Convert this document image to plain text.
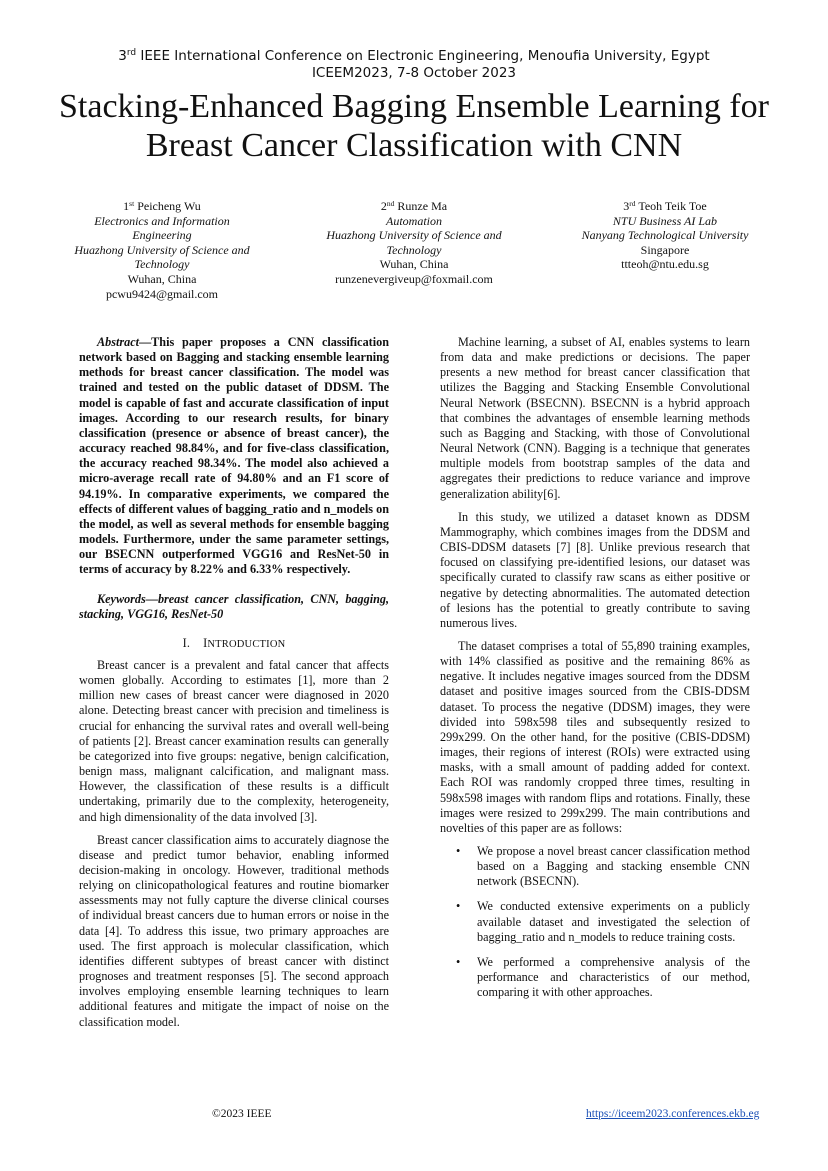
3rd IEEE International Conference on Electronic Engineering, Menoufia University, Egypt
ICEEM2023, 7-8 October 2023
Stacking-Enhanced Bagging Ensemble Learning for
Breast Cancer Classification with CNN
1st Peicheng Wu
Electronics and Information
Engineering
Huazhong University of Science and
Technology
Wuhan, China
pcwu9424@gmail.com
2nd Runze Ma
Automation
Huazhong University of Science and
Technology
Wuhan, China
runzenevergiveup@foxmail.com
3rd Teoh Teik Toe
NTU Business AI Lab
Nanyang Technological University
Singapore
ttteoh@ntu.edu.sg
Abstract—This paper proposes a CNN classification network based on Bagging and stacking ensemble learning methods for breast cancer classification. The model was trained and tested on the public dataset of DDSM. The model is capable of fast and accurate classification of input images. According to our research results, for binary classification (presence or absence of breast cancer), the accuracy reached 98.84%, and for five-class classification, the accuracy reached 98.34%. The model also achieved a micro-average recall rate of 94.80% and an F1 score of 94.19%. In comparative experiments, we compared the effects of different values of bagging_ratio and n_models on the model, as well as several methods for ensemble bagging models. Furthermore, under the same parameter settings, our BSECNN outperformed VGG16 and ResNet-50 in terms of accuracy by 8.22% and 6.33% respectively.
Keywords—breast cancer classification, CNN, bagging, stacking, VGG16, ResNet-50
I. INTRODUCTION

Breast cancer is a prevalent and fatal cancer that affects women globally. According to estimates [1], more than 2 million new cases of breast cancer were diagnosed in 2020 alone. Detecting breast cancer with precision and timeliness is crucial for enhancing the survival rates and overall well-being of patients [2]. Breast cancer examination results can generally be categorized into five groups: negative, benign calcification, benign mass, malignant calcification, and malignant mass. However, the classification of these results is a difficult undertaking, primarily due to the complexity, heterogeneity, and high dimensionality of the data involved [3].

Breast cancer classification aims to accurately diagnose the disease and predict tumor behavior, enabling informed decision-making in oncology. However, traditional methods relying on clinicopathological features and routine biomarker assessments may not fully capture the diverse clinical courses of individual breast cancers due to human errors or noise in the data [4]. To address this issue, two primary approaches are used. The first approach is molecular classification, which identifies different subtypes of breast cancer with distinct prognoses and treatment responses [5]. The second approach involves employing ensemble learning techniques to learn additional features and mitigate the impact of noise on the classification model.

Machine learning, a subset of AI, enables systems to learn from data and make predictions or decisions. The paper presents a new method for breast cancer classification that utilizes the Bagging and Stacking Ensemble Convolutional Neural Network (BSECNN). BSECNN is a hybrid approach that combines the advantages of ensemble learning methods such as Bagging and Stacking, with those of Convolutional Neural Network (CNN). Bagging is a technique that generates multiple models from bootstrap samples of the data and aggregates their predictions to reduce variance and improve generalization ability[6].

In this study, we utilized a dataset known as DDSM Mammography, which combines images from the DDSM and CBIS-DDSM datasets [7] [8]. Unlike previous research that focused on classifying pre-identified lesions, our dataset was specifically curated to classify raw scans as either positive or negative by detecting abnormalities. The automated detection of lesions has the potential to greatly contribute to saving numerous lives.

The dataset comprises a total of 55,890 training examples, with 14% classified as positive and the remaining 86% as negative. It includes negative images sourced from the DDSM dataset and positive images sourced from the CBIS-DDSM dataset. To process the negative (DDSM) images, they were divided into 598x598 tiles and subsequently resized to 299x299. On the other hand, for the positive (CBIS-DDSM) images, their regions of interest (ROIs) were extracted using masks, with a small amount of padding added for context. Each ROI was randomly cropped three times, resulting in 598x598 images with random flips and rotations. Finally, these images were resized to 299x299. The main contributions and novelties of this paper are as follows:

• We propose a novel breast cancer classification method based on a Bagging and stacking ensemble CNN network (BSECNN).
• We conducted extensive experiments on a publicly available dataset and investigated the selection of bagging_ratio and n_models to reduce training costs.
• We performed a comprehensive analysis of the performance and characteristics of our method, comparing it with other approaches.
©2023 IEEE	https://iceem2023.conferences.ekb.eg
